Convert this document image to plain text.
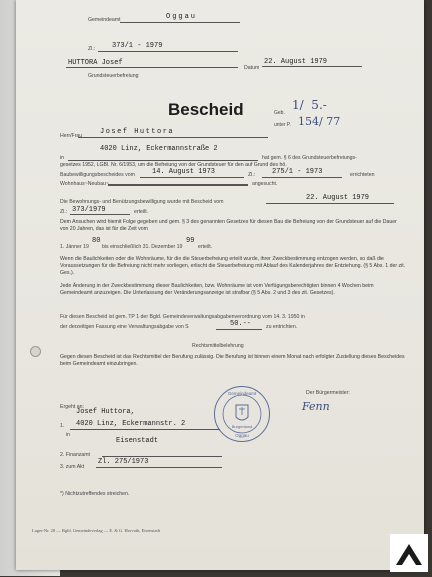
Gemeindeamt	Oggau
Zl.: 373/1 - 1979
HUTTORA Josef
Datum
22. August 1979
Grundsteuerbefreiung
Bescheid	Geb.
1/  5.-
unter P. 154/ 77
Herr/Frau	Josef Huttora
in
4020 Linz, Eckermannstraße 2
hat gem. § 6 des Grundsteuerbefreiungs-
gesetzes 1952, LGBl. Nr. 6/1953, um die Befreiung von der Grundsteuer für den auf Grund des hö.
Baubewilligungsbescheides vom 14. August 1973	Zl.: 275/1 - 1973	errichteten
Wohnhaus~Neubau~	angesucht.
Die Bewohnungs- und Benützungsbewilligung wurde mit Bescheid vom	22. August 1979
Zl.: 373/1979	erteilt.
Dem Ansuchen wird hiemit Folge gegeben und gem. § 3 des genannten Gesetzes für diesen Bau die Befreiung von der Grundsteuer auf die Dauer von 20 Jahren, das ist für die Zeit vom
1. Jänner 19
80
bis einschließlich 31. Dezember 19
99
erteilt.
Wenn die Baulichkeiten oder die Wohnräume, für die die Steuerbefreiung erteilt wurde, ihrer Zweckbestimmung entzogen werden, so daß die Voraussetzungen für die Befreiung nicht mehr vorliegen, erlischt die Steuerbefreiung mit Ablauf des Kalenderjahres der Entziehung. (§ 5 Abs. 1 der zit. Ges.).
Jede Änderung in der Zweckbestimmung dieser Baulichkeiten, bzw. Wohnräume ist vom Verfügungsberechtigten binnen 4 Wochen beim Gemeindeamt anzuzeigen. Die Unterlassung der Veränderungsanzeige ist strafbar (§ 5 Abs. 2 und 3 des zit. Gesetzes).
Für diesen Bescheid ist gem. TP 1 der Bgld. Gemeindeverwaltungsabgabenverordnung vom 14. 3. 1950 in
der derzeitigen Fassung eine Verwaltungsabgabe von S	50.--	zu entrichten.
Rechtsmittelbelehrung
Gegen diesen Bescheid ist das Rechtsmittel der Berufung zulässig. Die Berufung ist binnen einem Monat nach erfolgter Zustellung dieses Bescheides beim Gemeindeamt einzubringen.
Der Bürgermeister:
Fenn
Gemeindeamt
Burgenland
Oggau
Ergeht an:
1.
Josef Huttora,
4020 Linz, Eckermannstr. 2
in
Eisenstadt
2. Finanzamt
3. zum Akt
Zl. 275/1973
*) Nichtzutreffendes streichen.
Lager-Nr. 28 — Bgld. Gemeindeverlag — E. & G. Horvath, Eisenstadt
